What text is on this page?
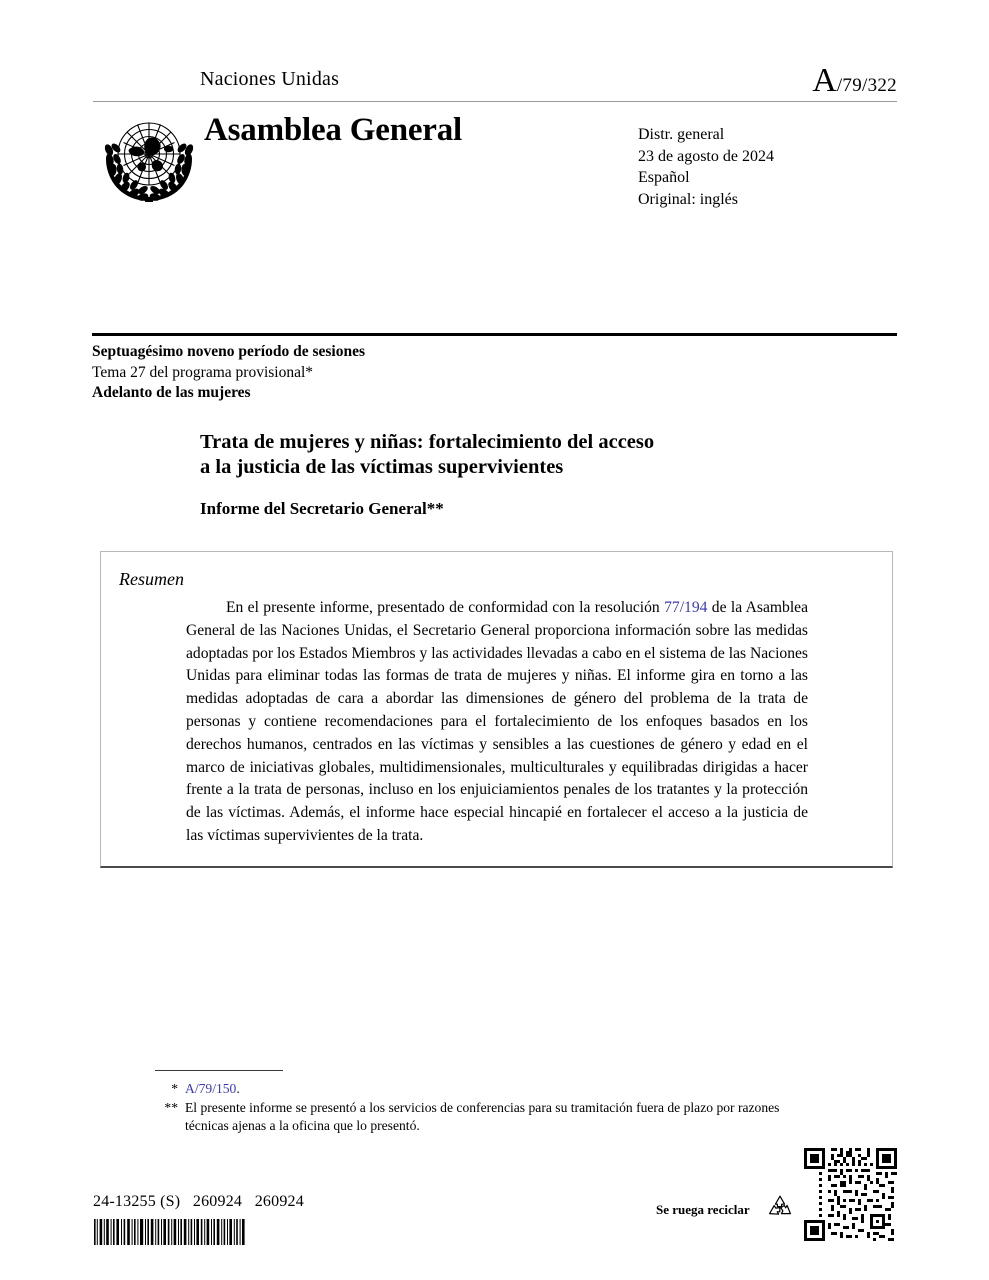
Naciones Unidas	A/79/322
Asamblea General	Distr. general
23 de agosto de 2024
Español
Original: inglés
Septuagésimo noveno período de sesiones
Tema 27 del programa provisional*
Adelanto de las mujeres
Trata de mujeres y niñas: fortalecimiento del acceso
a la justicia de las víctimas supervivientes
Informe del Secretario General**
Resumen
En el presente informe, presentado de conformidad con la resolución 77/194 de la Asamblea General de las Naciones Unidas, el Secretario General proporciona información sobre las medidas adoptadas por los Estados Miembros y las actividades llevadas a cabo en el sistema de las Naciones Unidas para eliminar todas las formas de trata de mujeres y niñas. El informe gira en torno a las medidas adoptadas de cara a abordar las dimensiones de género del problema de la trata de personas y contiene recomendaciones para el fortalecimiento de los enfoques basados en los derechos humanos, centrados en las víctimas y sensibles a las cuestiones de género y edad en el marco de iniciativas globales, multidimensionales, multiculturales y equilibradas dirigidas a hacer frente a la trata de personas, incluso en los enjuiciamientos penales de los tratantes y la protección de las víctimas. Además, el informe hace especial hincapié en fortalecer el acceso a la justicia de las víctimas supervivientes de la trata.
* A/79/150.
** El presente informe se presentó a los servicios de conferencias para su tramitación fuera de plazo por razones técnicas ajenas a la oficina que lo presentó.
24-13255 (S) 260924 260924	Se ruega reciclar
